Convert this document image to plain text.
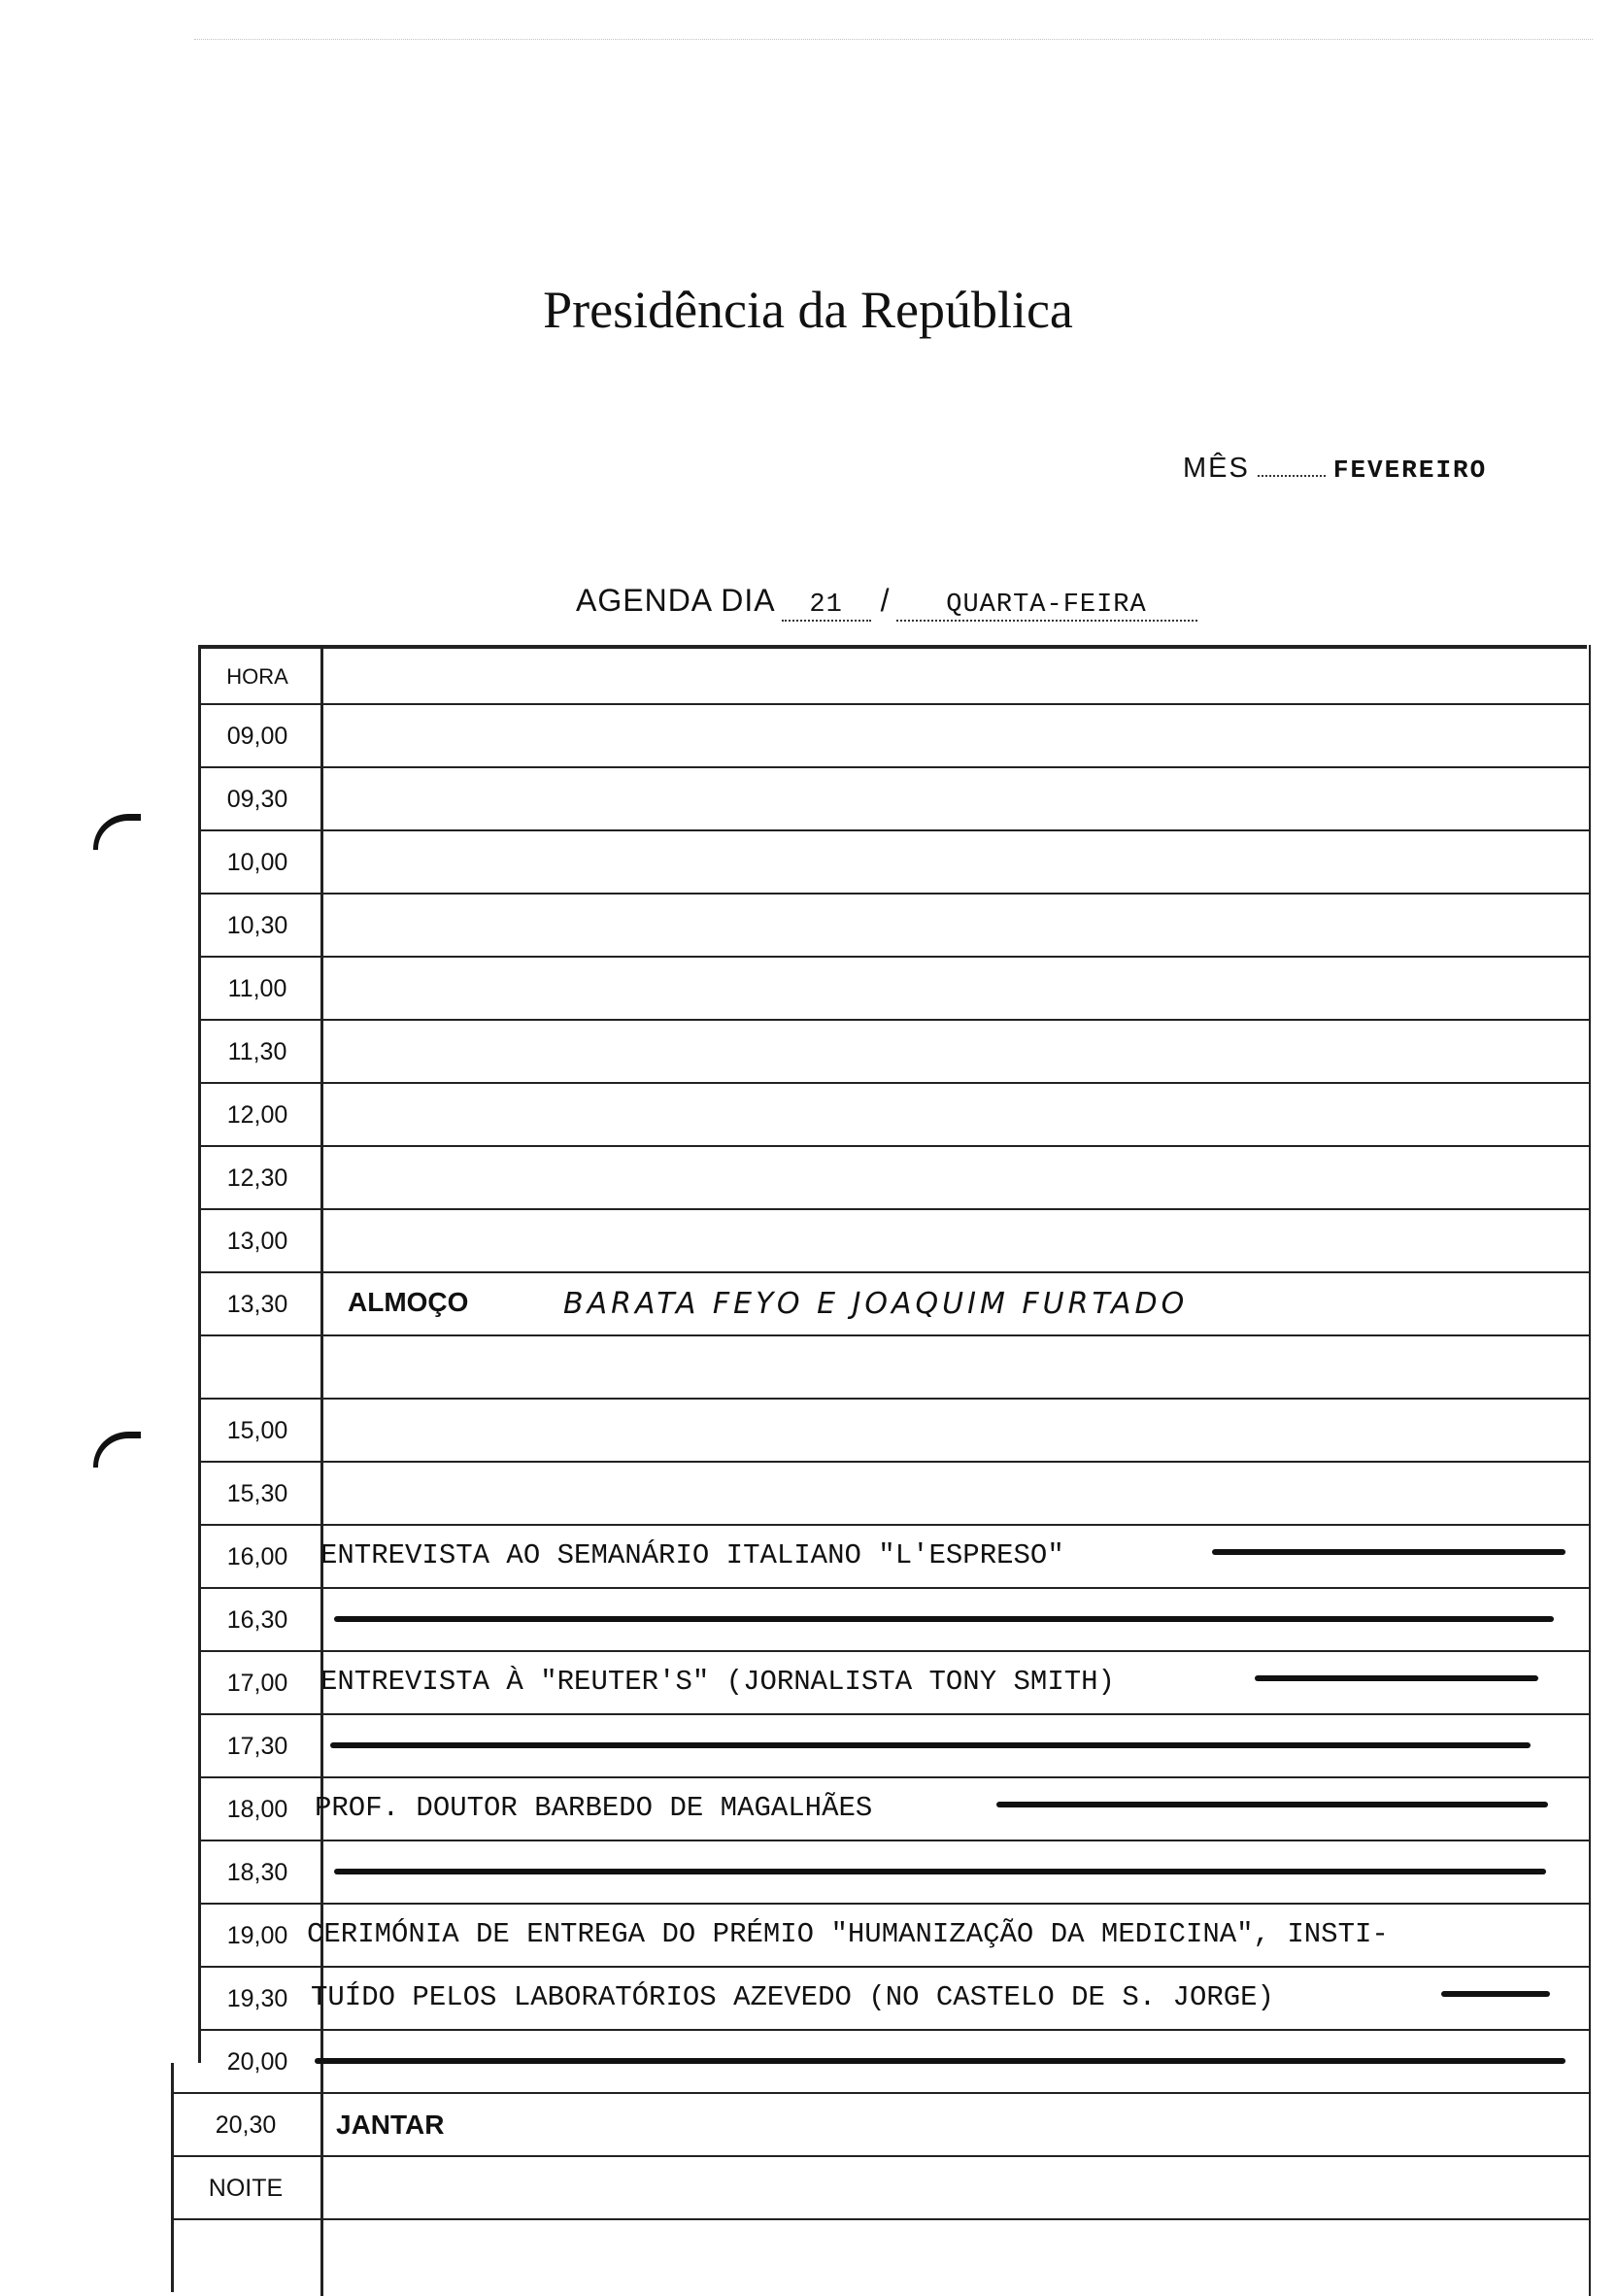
Presidência da República
MÊS	FEVEREIRO
AGENDA DIA 21 / QUARTA-FEIRA
HORA
09,00
09,30
10,00
10,30
11,00
11,30
12,00
12,30
13,00
13,30	ALMOÇO	BARATA FEYO E JOAQUIM FURTADO
15,00
15,30
16,00	ENTREVISTA AO SEMANÁRIO ITALIANO "L'ESPRESO"
16,30
17,00	ENTREVISTA À "REUTER'S" (JORNALISTA TONY SMITH)
17,30
18,00 PROF. DOUTOR BARBEDO DE MAGALHÃES
18,30
19,00 CERIMÓNIA DE ENTREGA DO PRÉMIO "HUMANIZAÇÃO DA MEDICINA", INSTI-
19,30 TUÍDO PELOS LABORATÓRIOS AZEVEDO (NO CASTELO DE S. JORGE)
20,00
20,30	JANTAR
NOITE
